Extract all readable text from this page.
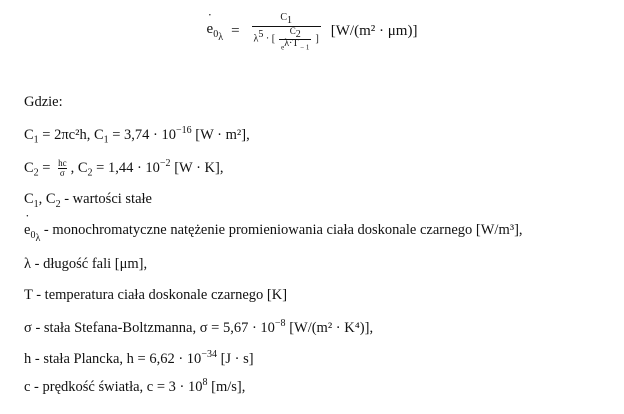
˙ $e_{0_\lambda} = \frac{C_1}{\lambda^5 \cdot [ \frac{C_2}{e^{\lambda\cdot T} - 1} ]} [W/(m^2 \cdot \mu m)]$
Gdzie:
$C_1 = 2\pi c^2h$, $C_1 = 3,74 \cdot 10^{-16}$ [W · m²],
$C_2 = \frac{hc}{\sigma}$ , $C_2 = 1,44 \cdot 10^{-2}$ [W · K],
$C_1$, $C_2$ - wartości stałe
˙ $e_{0_\lambda}$ - monochromatyczne natężenie promieniowania ciała doskonale czarnego [W/m³],
λ - długość fali [μm],
T - temperatura ciała doskonale czarnego [K]
σ - stała Stefana-Boltzmanna, $\sigma = 5,67 \cdot 10^{-8}$ [W/(m² · K⁴)],
h - stała Plancka, $h = 6,62 \cdot 10^{-34}$ [J · s]
c - prędkość światła, $c = 3 \cdot 10^8$ [m/s],
